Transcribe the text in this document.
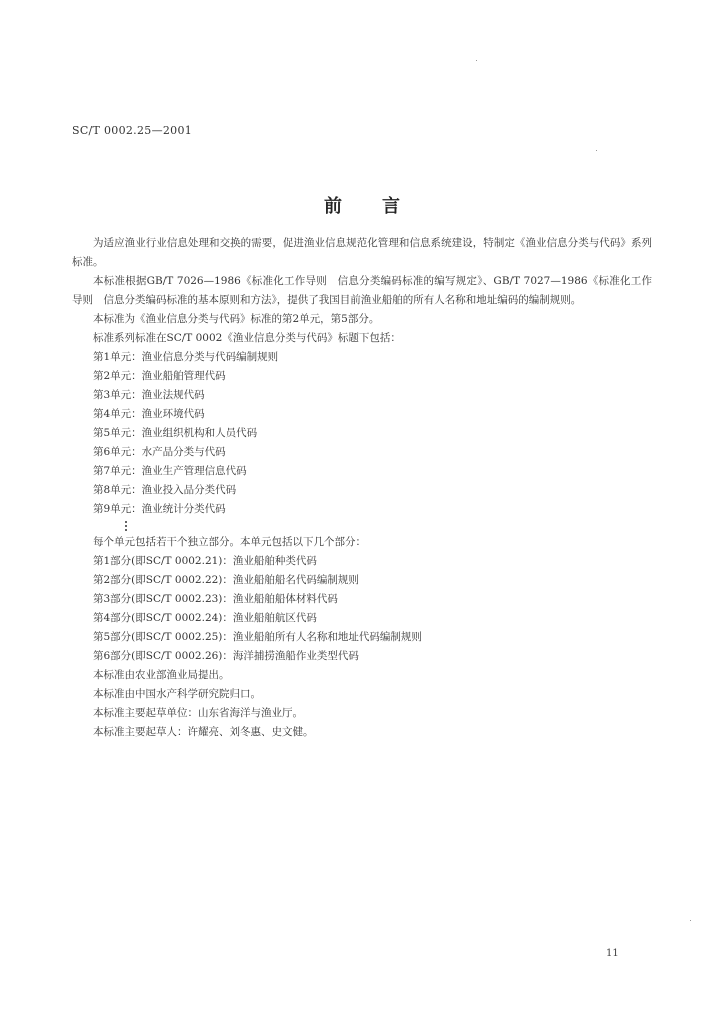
SC/T 0002.25—2001
前言

为适应渔业行业信息处理和交换的需要，促进渔业信息规范化管理和信息系统建设，特制定《渔业信息分类与代码》系列标准。

本标准根据GB/T 7026—1986《标准化工作导则　信息分类编码标准的编写规定》、GB/T 7027—1986《标准化工作导则　信息分类编码标准的基本原则和方法》，提供了我国目前渔业船舶的所有人名称和地址编码的编制规则。

本标准为《渔业信息分类与代码》标准的第2单元，第5部分。

标准系列标准在SC/T 0002《渔业信息分类与代码》标题下包括：

第1单元：渔业信息分类与代码编制规则

第2单元：渔业船舶管理代码

第3单元：渔业法规代码

第4单元：渔业环境代码

第5单元：渔业组织机构和人员代码

第6单元：水产品分类与代码

第7单元：渔业生产管理信息代码

第8单元：渔业投入品分类代码

第9单元：渔业统计分类代码

每个单元包括若干个独立部分。本单元包括以下几个部分：

第1部分(即SC/T 0002.21)：渔业船舶种类代码

第2部分(即SC/T 0002.22)：渔业船舶船名代码编制规则

第3部分(即SC/T 0002.23)：渔业船舶船体材料代码

第4部分(即SC/T 0002.24)：渔业船舶航区代码

第5部分(即SC/T 0002.25)：渔业船舶所有人名称和地址代码编制规则

第6部分(即SC/T 0002.26)：海洋捕捞渔船作业类型代码

本标准由农业部渔业局提出。

本标准由中国水产科学研究院归口。

本标准主要起草单位：山东省海洋与渔业厅。

本标准主要起草人：许耀亮、刘冬惠、史文健。

11
